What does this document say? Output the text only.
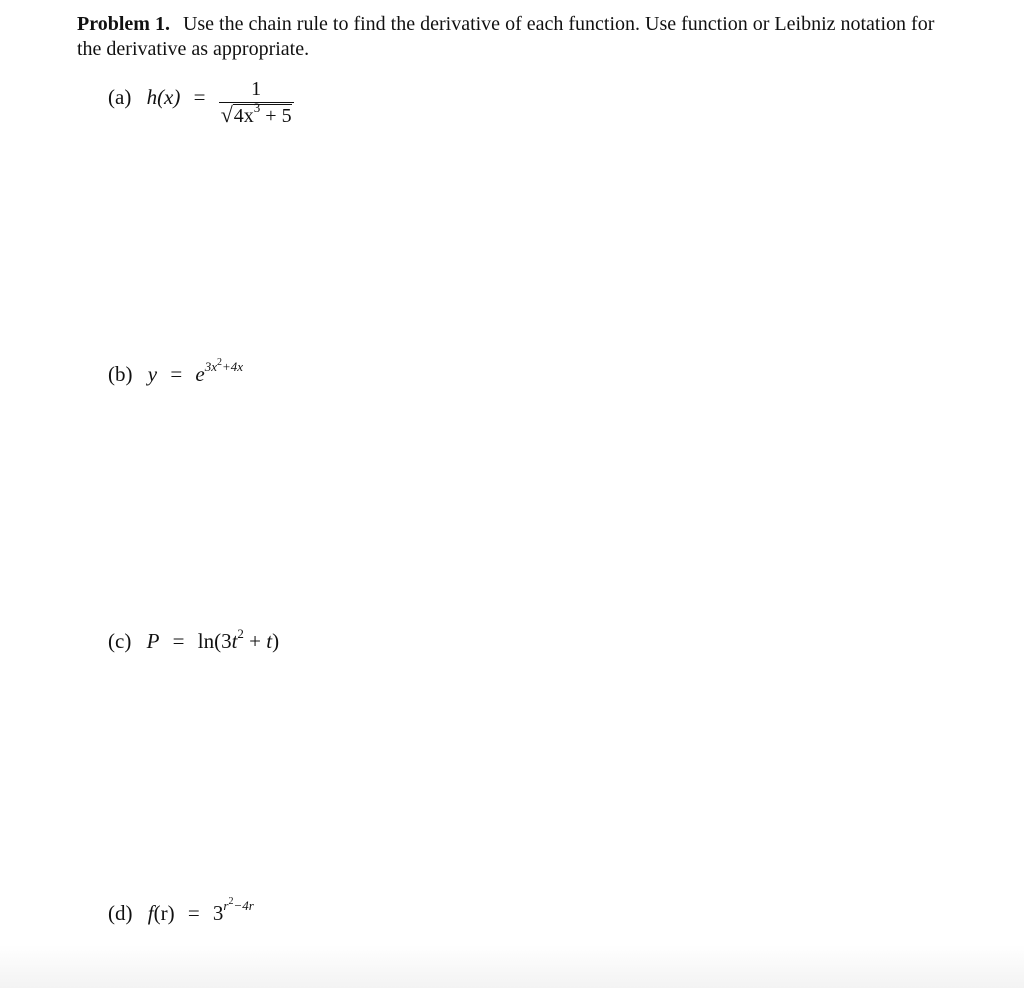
Problem 1. Use the chain rule to find the derivative of each function. Use function or Leibniz notation for the derivative as appropriate.
(a) $h(x) = \frac{1}{√4x^3 + 5}$
(b) $y = e^{3x^2+4x}$
(c) $P = \ln(3t^2 + t)$
(d) $f(r) = 3^{r^2-4r}$
